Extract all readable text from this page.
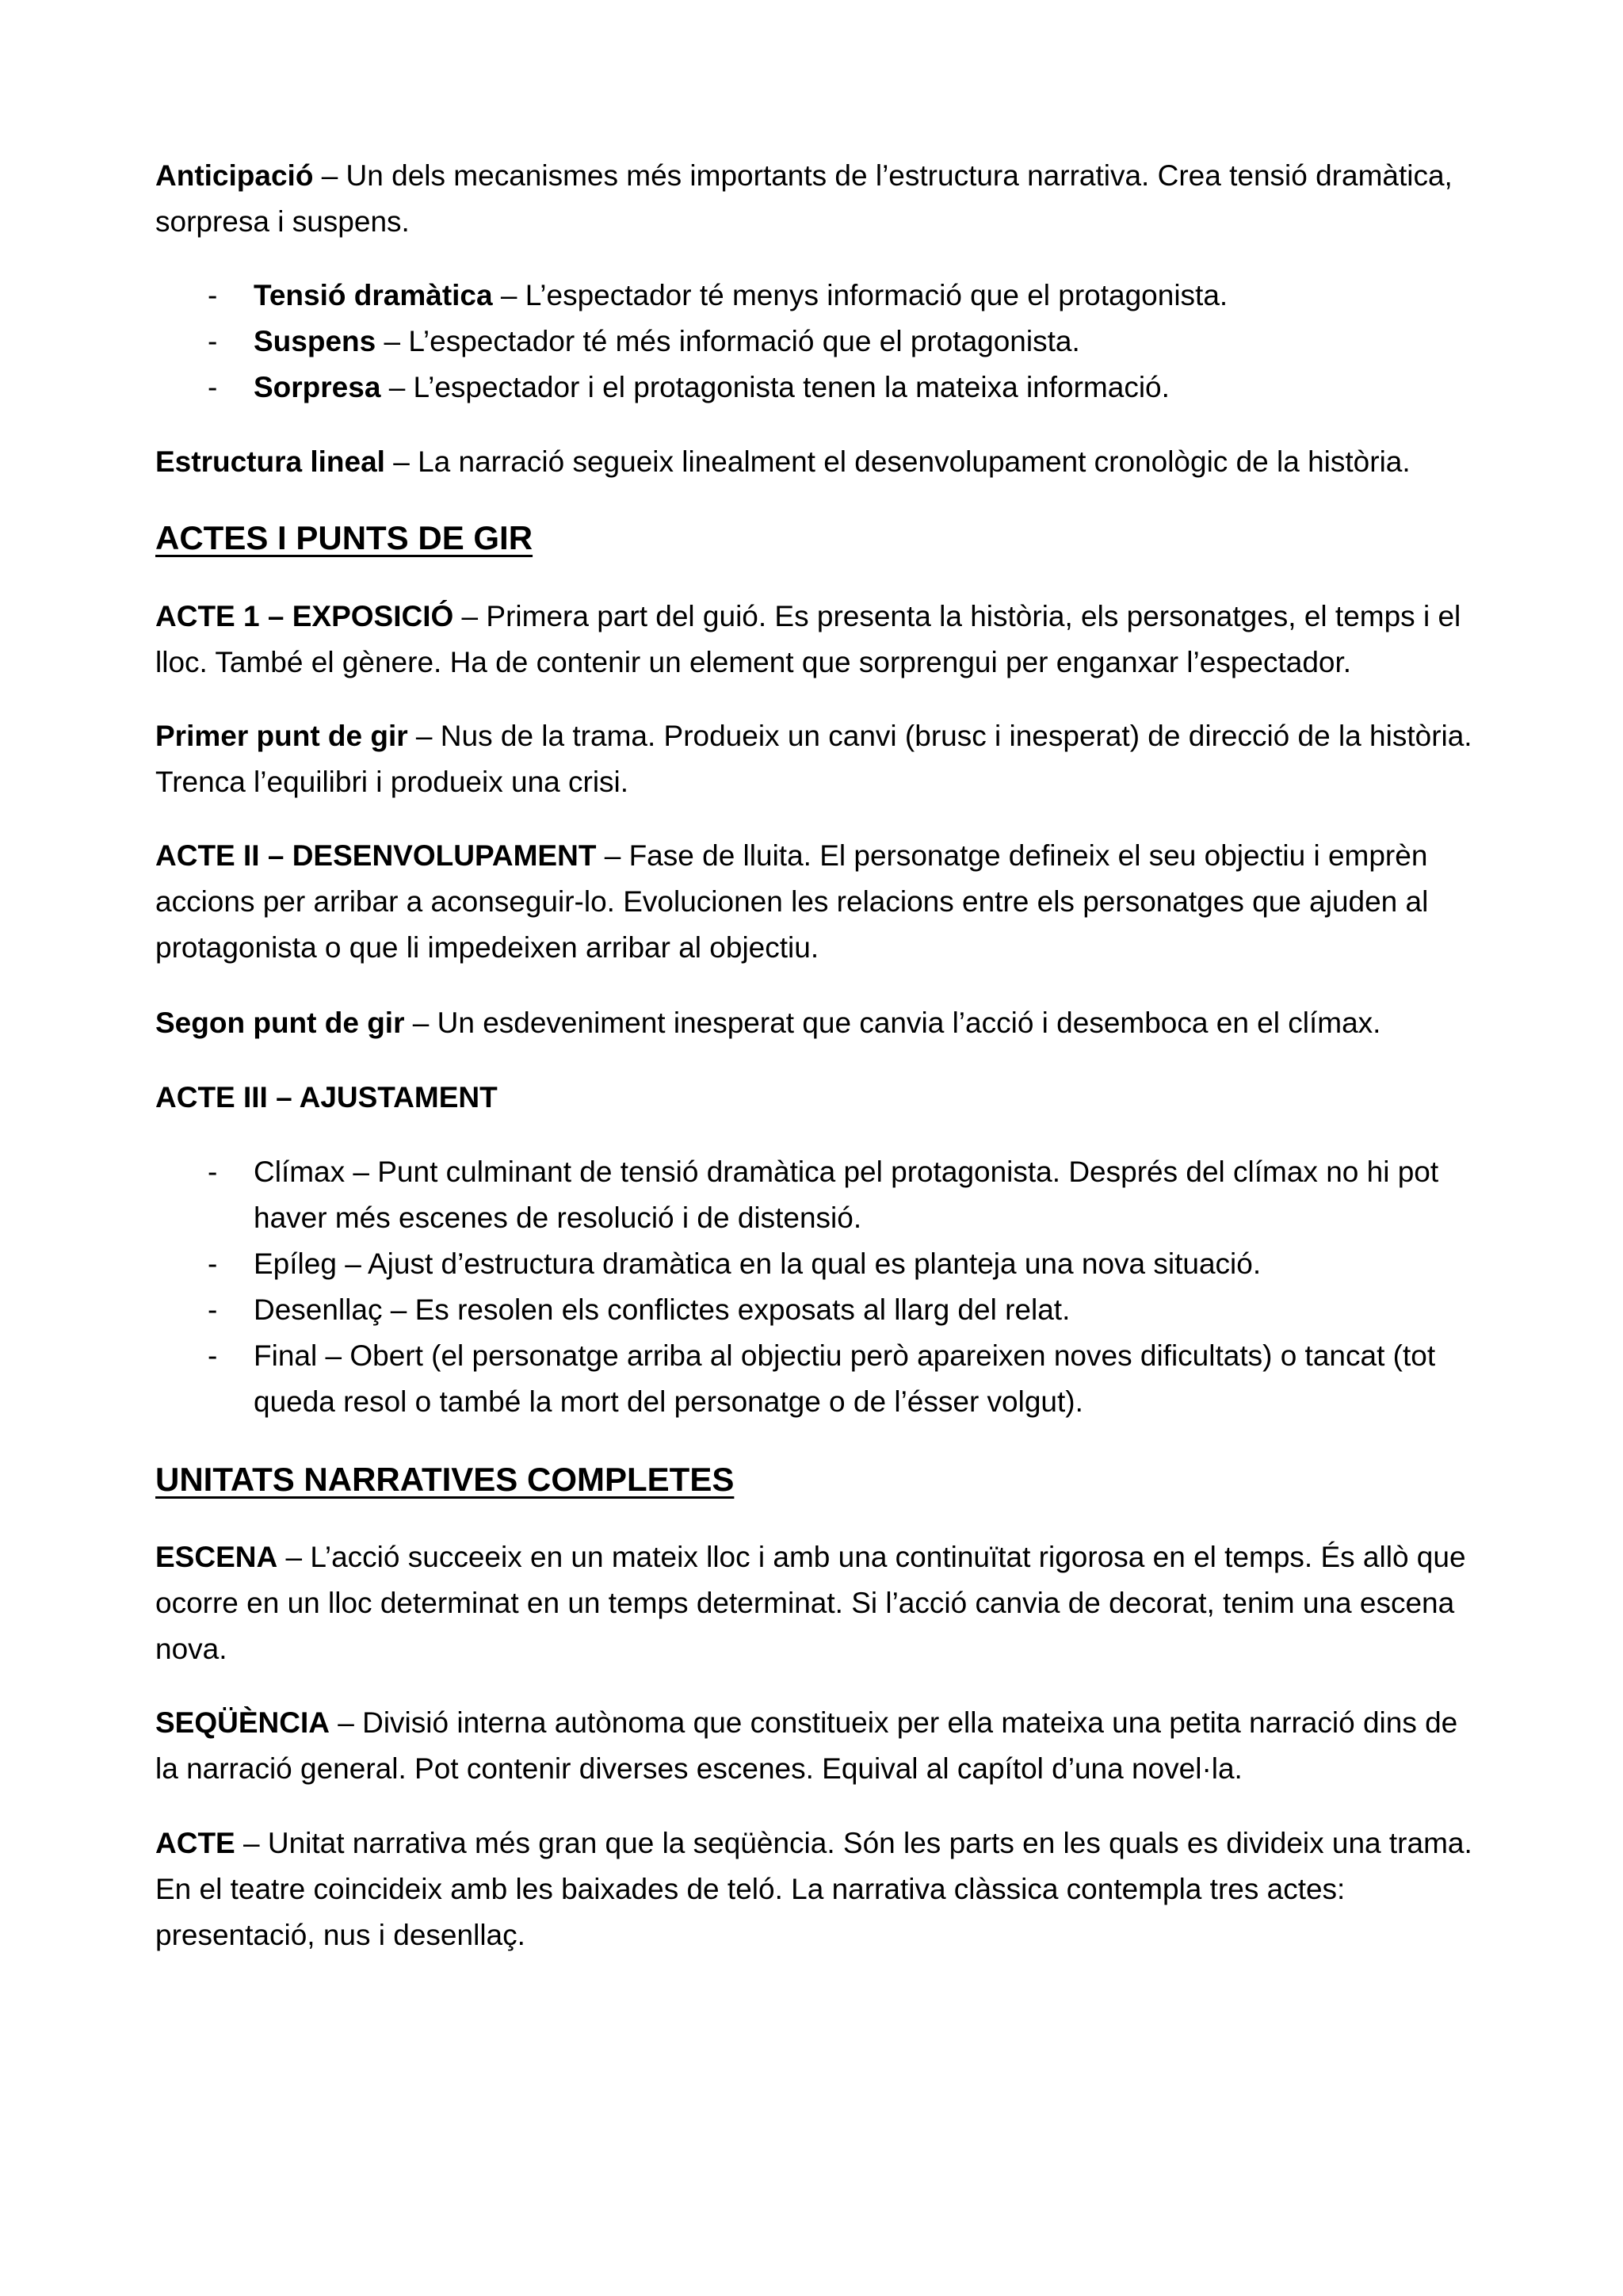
Anticipació – Un dels mecanismes més importants de l’estructura narrativa. Crea tensió dramàtica, sorpresa i suspens.

- Tensió dramàtica – L’espectador té menys informació que el protagonista.
- Suspens – L’espectador té més informació que el protagonista.
- Sorpresa – L’espectador i el protagonista tenen la mateixa informació.

Estructura lineal – La narració segueix linealment el desenvolupament cronològic de la història.

ACTES I PUNTS DE GIR

ACTE 1 – EXPOSICIÓ – Primera part del guió. Es presenta la història, els personatges, el temps i el lloc. També el gènere. Ha de contenir un element que sorprengui per enganxar l’espectador.

Primer punt de gir – Nus de la trama. Produeix un canvi (brusc i inesperat) de direcció de la història. Trenca l’equilibri i produeix una crisi.

ACTE II – DESENVOLUPAMENT – Fase de lluita. El personatge defineix el seu objectiu i emprèn accions per arribar a aconseguir-lo. Evolucionen les relacions entre els personatges que ajuden al protagonista o que li impedeixen arribar al objectiu.

Segon punt de gir – Un esdeveniment inesperat que canvia l’acció i desemboca en el clímax.

ACTE III – AJUSTAMENT

- Clímax – Punt culminant de tensió dramàtica pel protagonista. Després del clímax no hi pot haver més escenes de resolució i de distensió.
- Epíleg – Ajust d’estructura dramàtica en la qual es planteja una nova situació.
- Desenllaç – Es resolen els conflictes exposats al llarg del relat.
- Final – Obert (el personatge arriba al objectiu però apareixen noves dificultats) o tancat (tot queda resol o també la mort del personatge o de l’ésser volgut).
UNITATS NARRATIVES COMPLETES

ESCENA – L’acció succeeix en un mateix lloc i amb una continuïtat rigorosa en el temps. És allò que ocorre en un lloc determinat en un temps determinat. Si l’acció canvia de decorat, tenim una escena nova.

SEQÜÈNCIA – Divisió interna autònoma que constitueix per ella mateixa una petita narració dins de la narració general. Pot contenir diverses escenes. Equival al capítol d’una novel·la.

ACTE – Unitat narrativa més gran que la seqüència. Són les parts en les quals es divideix una trama. En el teatre coincideix amb les baixades de teló. La narrativa clàssica contempla tres actes: presentació, nus i desenllaç.
